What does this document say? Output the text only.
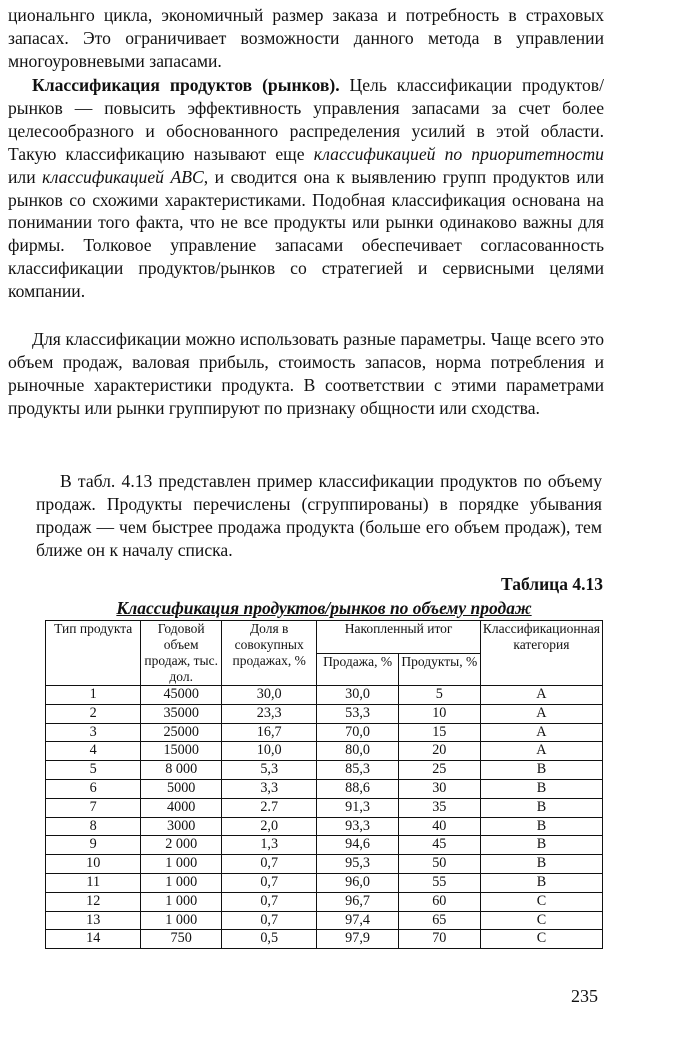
циональнго цикла, экономичный размер заказа и потребность в страховых запасах. Это ограничивает возможности данного метода в управлении многоуровневыми запасами.

Классификация продуктов (рынков). Цель классификации продуктов/рынков — повысить эффективность управления запасами за счет более целесообразного и обоснованного распределения усилий в этой области. Такую классификацию называют еще классификацией по приоритетности или классификацией ABC, и сводится она к выявлению групп продуктов или рынков со схожими характеристиками. Подобная классификация основана на понимании того факта, что не все продукты или рынки одинаково важны для фирмы. Толковое управление запасами обеспечивает согласованность классификации продуктов/рынков со стратегией и сервисными целями компании.

Для классификации можно использовать разные параметры. Чаще всего это объем продаж, валовая прибыль, стоимость запасов, норма потребления и рыночные характеристики продукта. В соответствии с этими параметрами продукты или рынки группируют по признаку общности или сходства.

В табл. 4.13 представлен пример классификации продуктов по объему продаж. Продукты перечислены (сгруппированы) в порядке убывания продаж — чем быстрее продажа продукта (больше его объем продаж), тем ближе он к началу списка.

Таблица 4.13
Классификация продуктов/рынков по объему продаж
Тип продукта	Годовой объем продаж, тыс. дол.	Доля в совокупных продажах, %	Накопленный итог		Классификационная категория
			Продажа, %	Продукты, %	
1	45000	30,0	30,0	5	A
2	35000	23,3	53,3	10	A
3	25000	16,7	70,0	15	A
4	15000	10,0	80,0	20	A
5	8 000	5,3	85,3	25	B
6	5000	3,3	88,6	30	B
7	4000	2.7	91,3	35	B
8	3000	2,0	93,3	40	B
9	2 000	1,3	94,6	45	B
10	1 000	0,7	95,3	50	B
11	1 000	0,7	96,0	55	B
12	1 000	0,7	96,7	60	C
13	1 000	0,7	97,4	65	C
14	750	0,5	97,9	70	C
235
